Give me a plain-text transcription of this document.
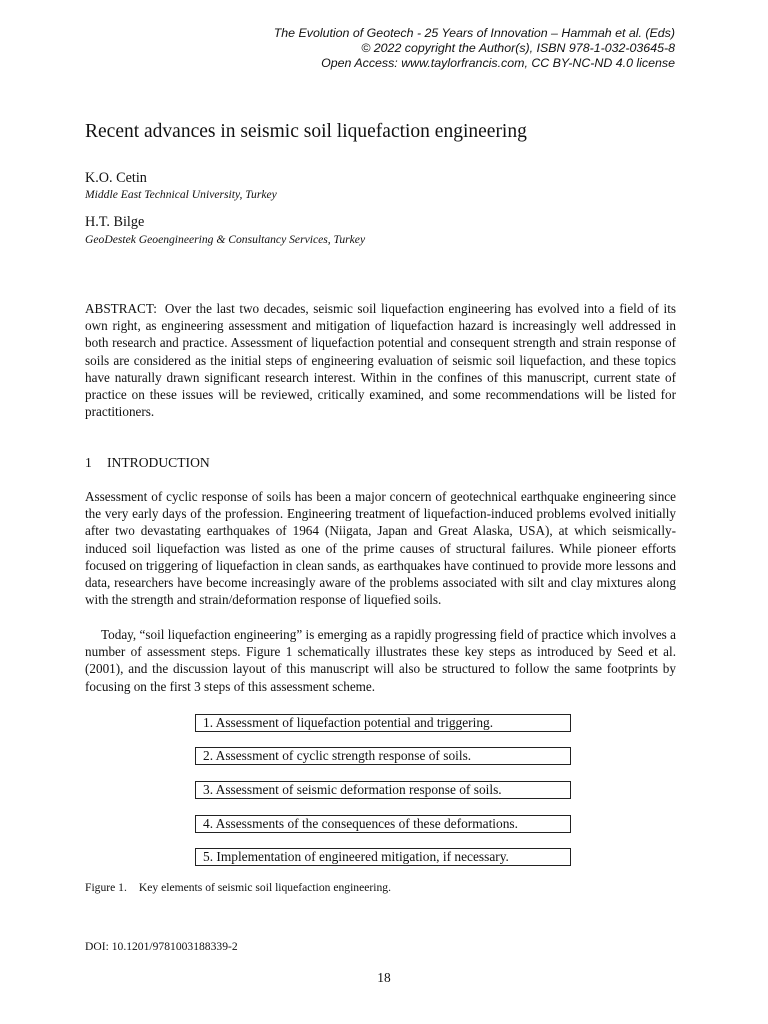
The Evolution of Geotech - 25 Years of Innovation – Hammah et al. (Eds)
© 2022 copyright the Author(s), ISBN 978-1-032-03645-8
Open Access: www.taylorfrancis.com, CC BY-NC-ND 4.0 license
Recent advances in seismic soil liquefaction engineering
K.O. Cetin
Middle East Technical University, Turkey
H.T. Bilge
GeoDestek Geoengineering & Consultancy Services, Turkey

ABSTRACT: Over the last two decades, seismic soil liquefaction engineering has evolved into a field of its own right, as engineering assessment and mitigation of liquefaction hazard is increasingly well addressed in both research and practice. Assessment of liquefaction potential and consequent strength and strain response of soils are considered as the initial steps of engineering evaluation of seismic soil liquefaction, and these topics have naturally drawn significant research interest. Within in the confines of this manuscript, current state of practice on these issues will be reviewed, critically examined, and some recommendations will be listed for practitioners.

1 INTRODUCTION

Assessment of cyclic response of soils has been a major concern of geotechnical earthquake engineering since the very early days of the profession. Engineering treatment of liquefaction-induced problems evolved initially after two devastating earthquakes of 1964 (Niigata, Japan and Great Alaska, USA), at which seismically-induced soil liquefaction was listed as one of the prime causes of structural failures. While pioneer efforts focused on triggering of liquefaction in clean sands, as earthquakes have continued to provide more lessons and data, researchers have become increasingly aware of the problems associated with silt and clay mixtures along with the strength and strain/deformation response of liquefied soils.

Today, “soil liquefaction engineering” is emerging as a rapidly progressing field of practice which involves a number of assessment steps. Figure 1 schematically illustrates these key steps as introduced by Seed et al. (2001), and the discussion layout of this manuscript will also be structured to follow the same footprints by focusing on the first 3 steps of this assessment scheme.

1. Assessment of liquefaction potential and triggering.
2. Assessment of cyclic strength response of soils.
3. Assessment of seismic deformation response of soils.
4. Assessments of the consequences of these deformations.
5. Implementation of engineered mitigation, if necessary.
Figure 1. Key elements of seismic soil liquefaction engineering.
DOI: 10.1201/9781003188339-2
18
